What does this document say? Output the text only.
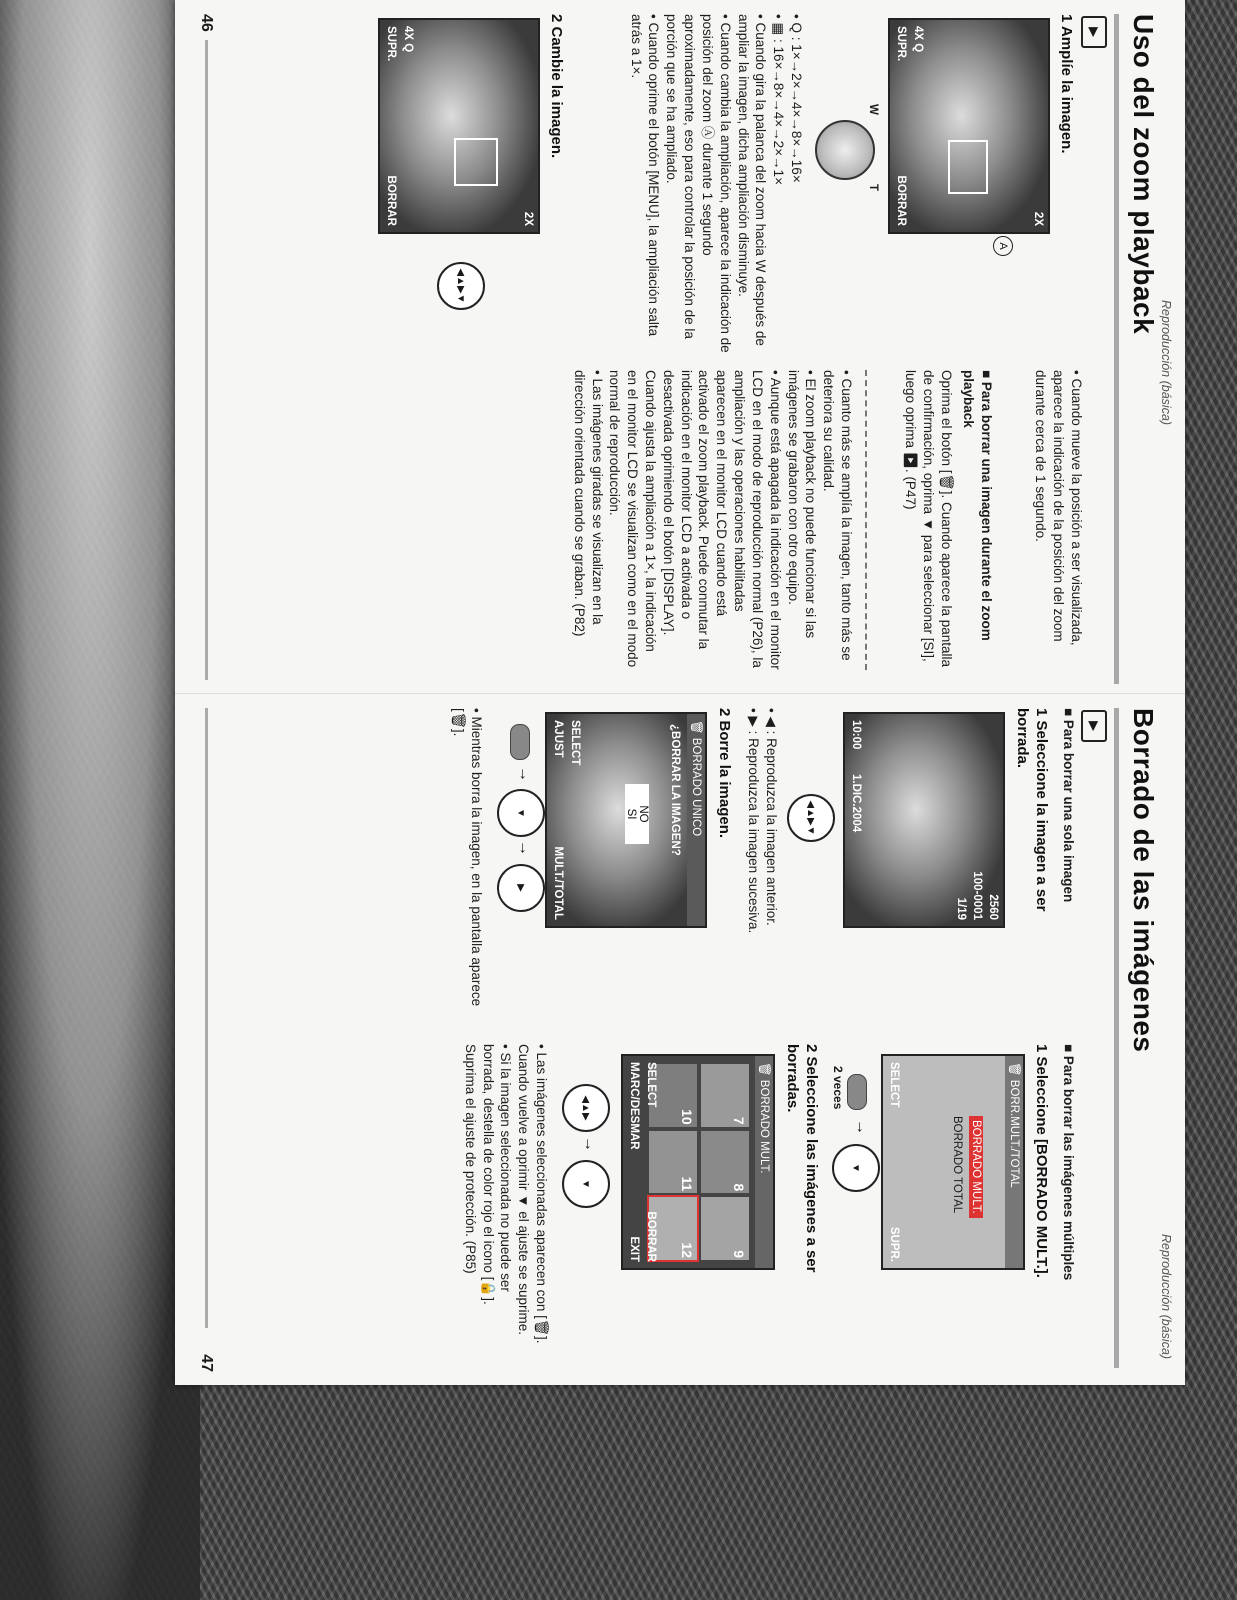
Reproducción (básica)
Uso del zoom playback
▶
1 Amplíe la imagen.
2X
4X Q
SUPR.
BORRAR
A
W
T

• Q : 1×→2×→4×→8×→16×

• ▦ : 16×→8×→4×→2×→1×

• Cuando gira la palanca del zoom hacia W después de ampliar la imagen, dicha ampliación disminuye.

• Cuando cambia la ampliación, aparece la indicación de posición del zoom Ⓐ durante 1 segundo aproximadamente, eso para controlar la posición de la porción que se ha ampliado.

• Cuando oprime el botón [MENU], la ampliación salta atrás a 1×.

2 Cambie la imagen.
2X
4X Q
SUPR.
BORRAR
◀▲▶▼
• Cuando mueve la posición a ser visualizada, aparece la indicación de la posición del zoom durante cerca de 1 segundo.
■ Para borrar una imagen durante el zoom playback
Oprima el botón [🗑]. Cuando aparece la pantalla de confirmación, oprima ▼ para seleccionar [SI], luego oprima ▶. (P47)

• Cuanto más se amplía la imagen, tanto más se deteriora su calidad.

• El zoom playback no puede funcionar si las imágenes se grabaron con otro equipo.

• Aunque está apagada la indicación en el monitor LCD en el modo de reproducción normal (P26), la ampliación y las operaciones habilitadas aparecen en el monitor LCD cuando está activado el zoom playback. Puede conmutar la indicación en el monitor LCD a activada o desactivada oprimiendo el botón [DISPLAY]. Cuando ajusta la ampliación a 1×, la indicación en el monitor LCD se visualizan como en el modo normal de reproducción.

• Las imágenes giradas se visualizan en la dirección orientada cuando se graban. (P82)

46
Reproducción (básica)
Borrado de las imágenes
▶
■ Para borrar una sola imagen
1 Seleccione la imagen a ser borrada.
2560
100-0001
1/19
10:00
1.DIC.2004
◀▲▶▼

• ◀ : Reproduzca la imagen anterior.

• ▶ : Reproduzca la imagen sucesiva.

2 Borre la imagen.
🗑 BORRADO UNICO
¿BORRAR LA IMAGEN?
NO
SI
SELECT
AJUST
MULT./TOTAL
→
▼
→
▶
• Mientras borra la imagen, en la pantalla aparece [🗑].
■ Para borrar las imágenes múltiples
1 Seleccione [BORRADO MULT.].
🗑 BORR.MULT./TOTAL
BORRADO MULT.
BORRADO TOTAL
SELECT
SUPR.
2 veces
→
▼
2 Seleccione las imágenes a ser borradas.
🗑 BORRADO MULT.
7
8
9
10
11
12
SELECT
BORRAR
MARC/DESMAR
EXIT
◀▲▶
→
▼

• Las imágenes seleccionadas aparecen con [🗑]. Cuando vuelve a oprimir ▼ el ajuste se suprime.

• Si la imagen seleccionada no puede ser borrada, destella de color rojo el icono [🔒]. Suprima el ajuste de protección. (P85)

47
